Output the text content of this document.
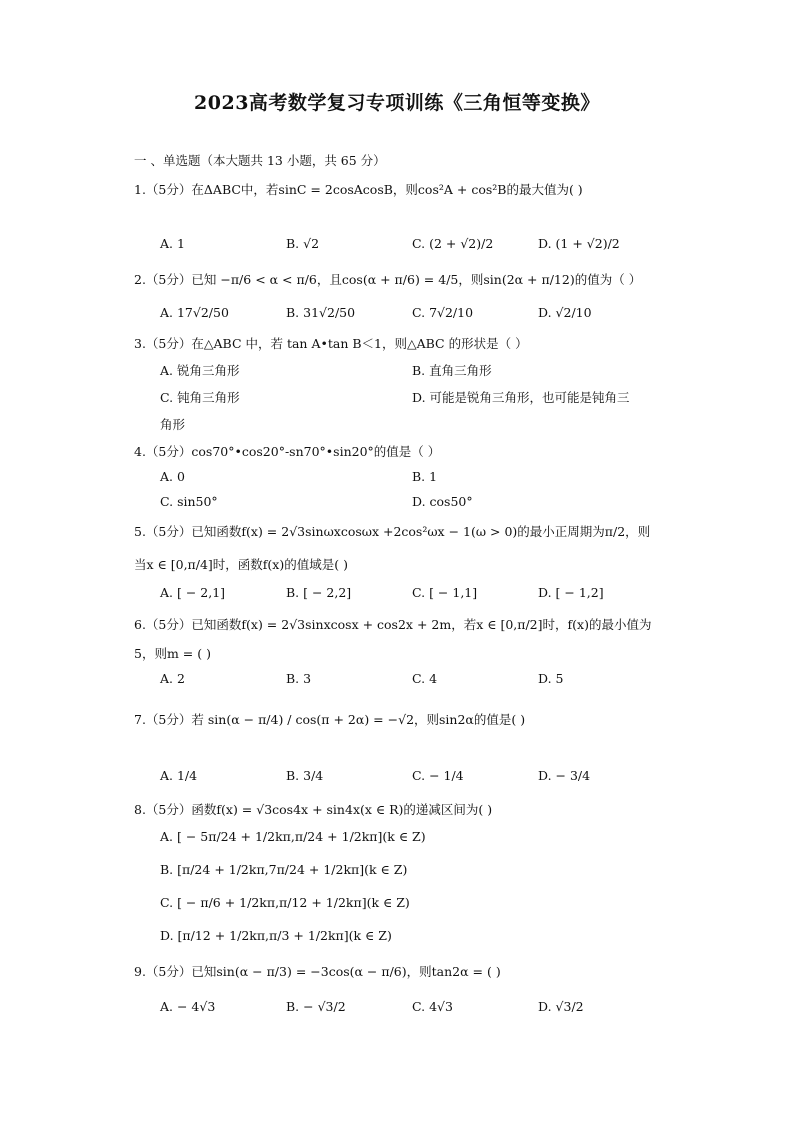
2023高考数学复习专项训练《三角恒等变换》
一 、单选题（本大题共 13 小题，共 65 分）
1.（5分）在ΔABC中，若sinC = 2cosAcosB，则cos²A + cos²B的最大值为( )
A. 1	B. √2	C. (2 + √2)/2	D. (1 + √2)/2
2.（5分）已知 −π/6 < α < π/6，且cos(α + π/6) = 4/5，则sin(2α + π/12)的值为（ ）
A. 17√2/50	B. 31√2/50	C. 7√2/10	D. √2/10
3.（5分）在△ABC 中，若 tan A•tan B＜1，则△ABC 的形状是（ ）
A. 锐角三角形	B. 直角三角形
C. 钝角三角形	D. 可能是锐角三角形，也可能是钝角三
角形
4.（5分）cos70°•cos20°-sn70°•sin20°的值是（ ）
A. 0	B. 1
C. sin50°	D. cos50°
5.（5分）已知函数f(x) = 2√3sinωxcosωx +2cos²ωx − 1(ω > 0)的最小正周期为π/2，则
当x ∈ [0,π/4]时，函数f(x)的值域是( )
A. [ − 2,1]	B. [ − 2,2]	C. [ − 1,1]	D. [ − 1,2]
6.（5分）已知函数f(x) = 2√3sinxcosx + cos2x + 2m，若x ∈ [0,π/2]时，f(x)的最小值为
5，则m = ( )
A. 2	B. 3	C. 4	D. 5
7.（5分）若 sin(α − π/4) / cos(π + 2α) = −√2，则sin2α的值是( )
A. 1/4	B. 3/4	C. − 1/4	D. − 3/4
8.（5分）函数f(x) = √3cos4x + sin4x(x ∈ R)的递减区间为( )
A. [ − 5π/24 + 1/2kπ,π/24 + 1/2kπ](k ∈ Z)
B. [π/24 + 1/2kπ,7π/24 + 1/2kπ](k ∈ Z)
C. [ − π/6 + 1/2kπ,π/12 + 1/2kπ](k ∈ Z)
D. [π/12 + 1/2kπ,π/3 + 1/2kπ](k ∈ Z)
9.（5分）已知sin(α − π/3) = −3cos(α − π/6)，则tan2α = ( )
A. − 4√3	B. − √3/2	C. 4√3	D. √3/2
